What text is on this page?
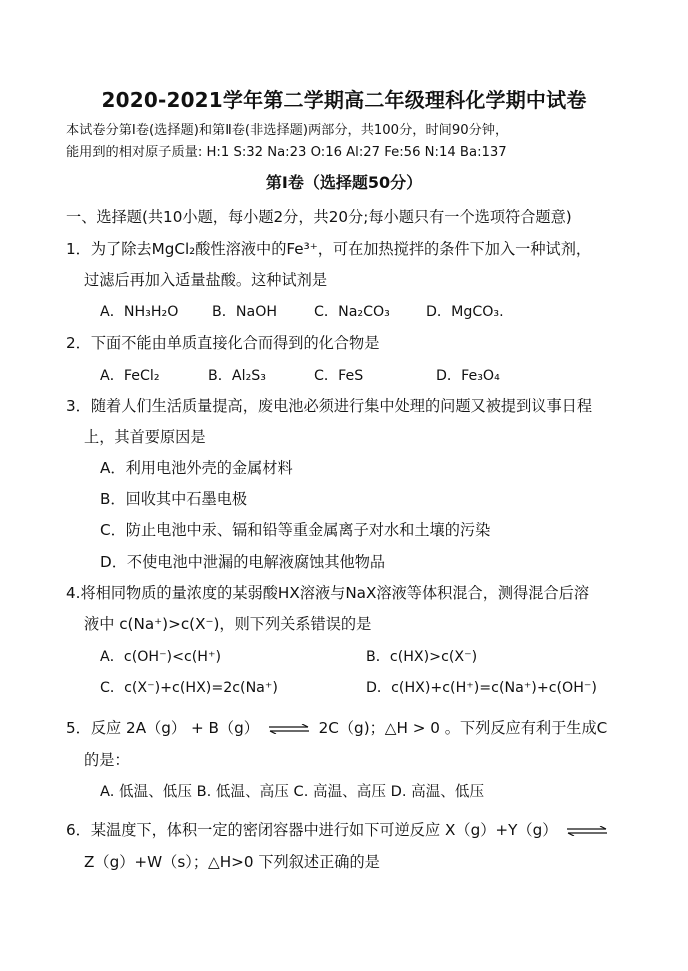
2020-2021学年第二学期高二年级理科化学期中试卷
本试卷分第Ⅰ卷(选择题)和第Ⅱ卷(非选择题)两部分，共100分，时间90分钟，
能用到的相对原子质量: H:1 S:32 Na:23 O:16 Al:27 Fe:56 N:14 Ba:137
第Ⅰ卷（选择题50分）
一、选择题(共10小题，每小题2分，共20分;每小题只有一个选项符合题意)
1．为了除去MgCl₂酸性溶液中的Fe³⁺，可在加热搅拌的条件下加入一种试剂，
过滤后再加入适量盐酸。这种试剂是
A．NH₃H₂O B．NaOH	C．Na₂CO₃	D．MgCO₃.
2．下面不能由单质直接化合而得到的化合物是
A．FeCl₂	B．Al₂S₃	C．FeS	D．Fe₃O₄
3．随着人们生活质量提高，废电池必须进行集中处理的问题又被提到议事日程
上，其首要原因是
A．利用电池外壳的金属材料
B．回收其中石墨电极
C．防止电池中汞、镉和铅等重金属离子对水和土壤的污染
D．不使电池中泄漏的电解液腐蚀其他物品
4.将相同物质的量浓度的某弱酸HX溶液与NaX溶液等体积混合，测得混合后溶
液中 c(Na⁺)>c(X⁻)，则下列关系错误的是
A．c(OH⁻)<c(H⁺)	B．c(HX)>c(X⁻)
C．c(X⁻)+c(HX)=2c(Na⁺)	D．c(HX)+c(H⁺)=c(Na⁺)+c(OH⁻)
5．反应 2A（g） + B（g） ⇌ 2C（g)；△H > 0 。下列反应有利于生成C
的是：
A. 低温、低压 B. 低温、高压 C. 高温、高压 D. 高温、低压
6．某温度下，体积一定的密闭容器中进行如下可逆反应 X（g）+Y（g） ⇌
Z（g）+W（s）；△H>0 下列叙述正确的是
